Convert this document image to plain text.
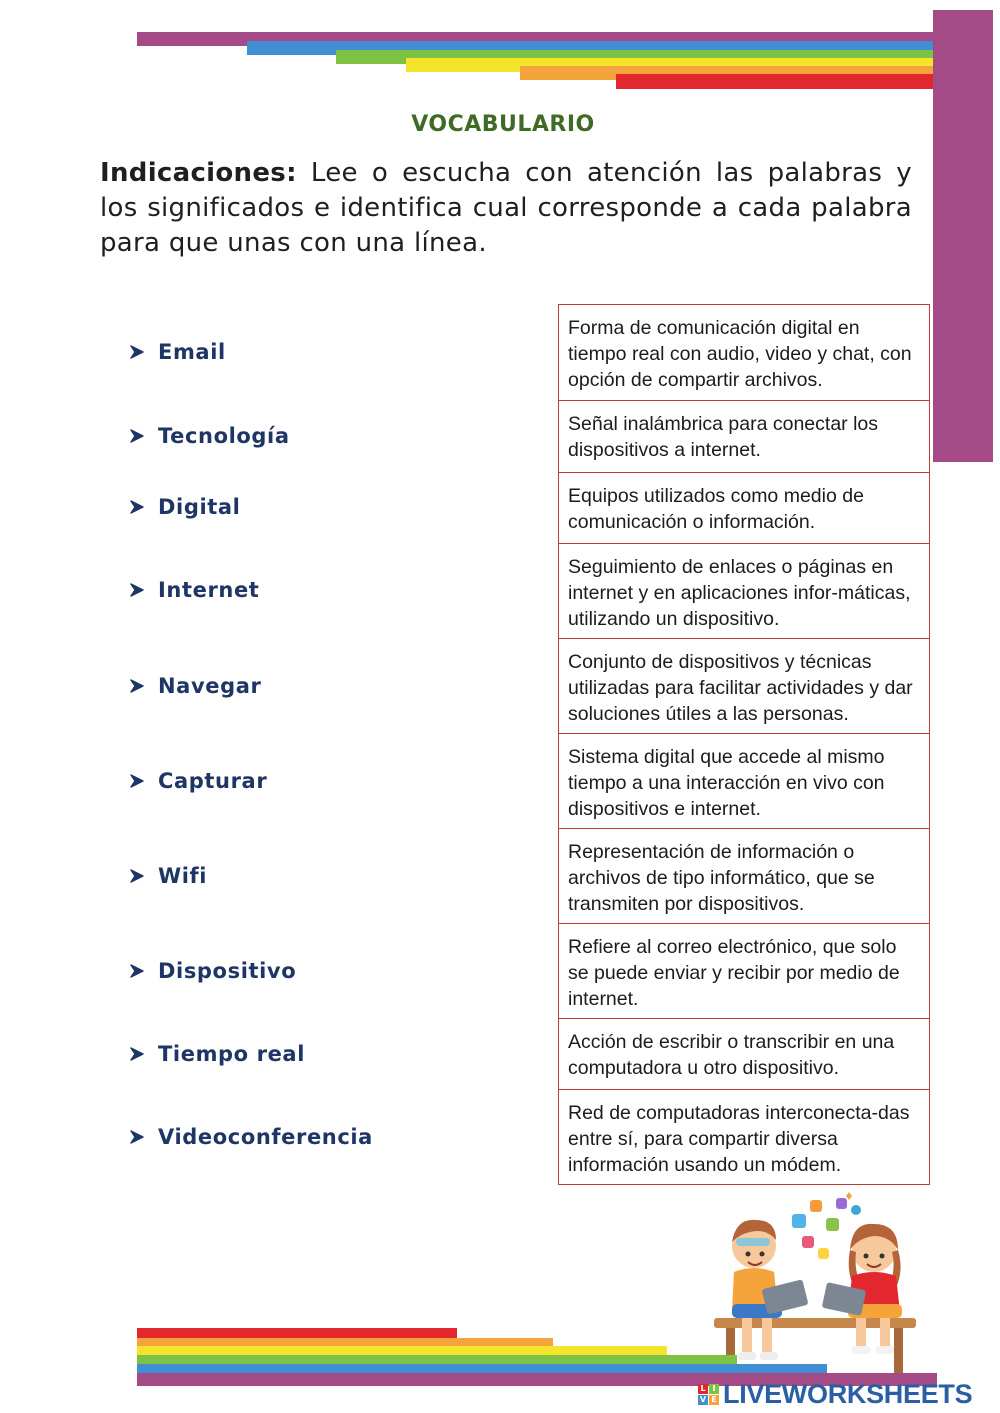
VOCABULARIO
Indicaciones: Lee o escucha con atención las palabras y los significados e identifica cual corresponde a cada palabra para que unas con una línea.
Email
Tecnología
Digital
Internet
Navegar
Capturar
Wifi
Dispositivo
Tiempo real
Videoconferencia
Forma de comunicación digital en tiempo real con audio, video y chat, con opción de compartir archivos.
Señal inalámbrica para conectar los dispositivos a internet.
Equipos utilizados como medio de comunicación o información.
Seguimiento de enlaces o páginas en internet y en aplicaciones infor-máticas, utilizando un dispositivo.
Conjunto de dispositivos y técnicas utilizadas para facilitar actividades y dar soluciones útiles a las personas.
Sistema digital que accede al mismo tiempo a una interacción en vivo con dispositivos e internet.
Representación de información o archivos de tipo informático, que se transmiten por dispositivos.
Refiere al correo electrónico, que solo se puede enviar y recibir por medio de internet.
Acción de escribir o transcribir en una computadora u otro dispositivo.
Red de computadoras interconecta-das entre sí, para compartir diversa información usando un módem.
L I
V E LIVEWORKSHEETS
